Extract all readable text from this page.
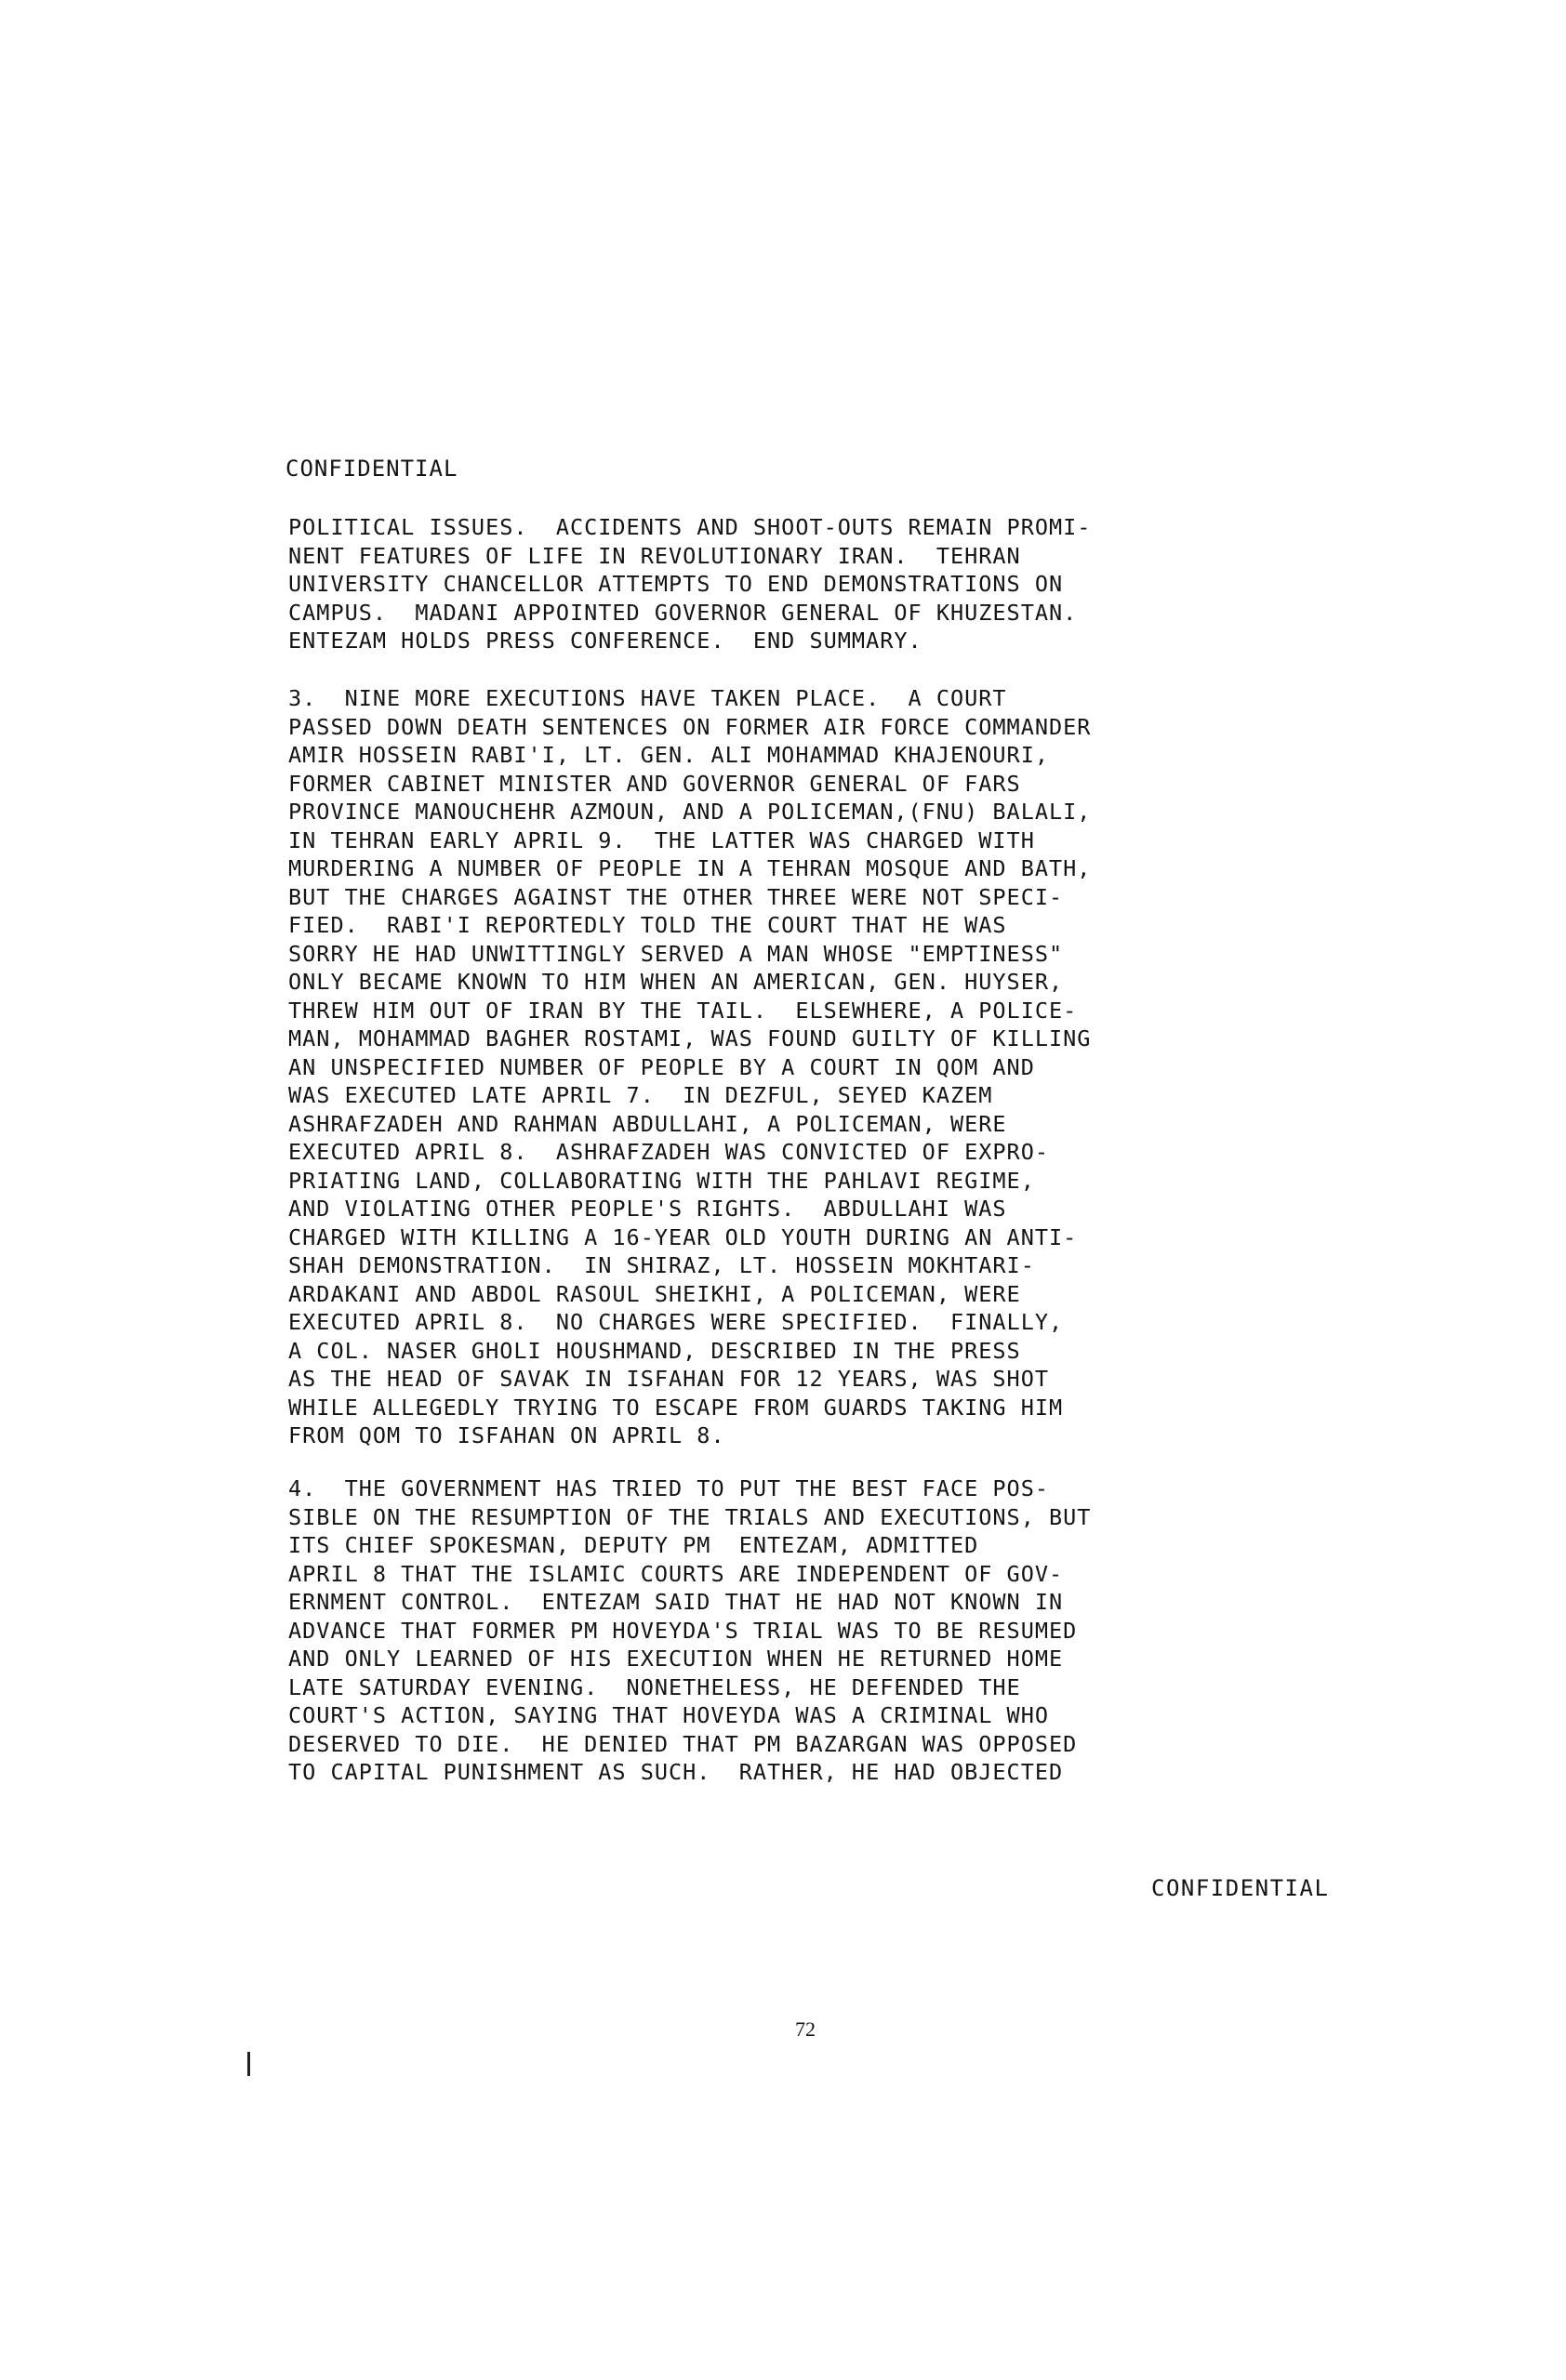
CONFIDENTIAL
POLITICAL ISSUES.  ACCIDENTS AND SHOOT-OUTS REMAIN PROMI-
NENT FEATURES OF LIFE IN REVOLUTIONARY IRAN.  TEHRAN
UNIVERSITY CHANCELLOR ATTEMPTS TO END DEMONSTRATIONS ON
CAMPUS.  MADANI APPOINTED GOVERNOR GENERAL OF KHUZESTAN.
ENTEZAM HOLDS PRESS CONFERENCE.  END SUMMARY.
3.  NINE MORE EXECUTIONS HAVE TAKEN PLACE.  A COURT
PASSED DOWN DEATH SENTENCES ON FORMER AIR FORCE COMMANDER
AMIR HOSSEIN RABI'I, LT. GEN. ALI MOHAMMAD KHAJENOURI,
FORMER CABINET MINISTER AND GOVERNOR GENERAL OF FARS
PROVINCE MANOUCHEHR AZMOUN, AND A POLICEMAN,(FNU) BALALI,
IN TEHRAN EARLY APRIL 9.  THE LATTER WAS CHARGED WITH
MURDERING A NUMBER OF PEOPLE IN A TEHRAN MOSQUE AND BATH,
BUT THE CHARGES AGAINST THE OTHER THREE WERE NOT SPECI-
FIED.  RABI'I REPORTEDLY TOLD THE COURT THAT HE WAS
SORRY HE HAD UNWITTINGLY SERVED A MAN WHOSE "EMPTINESS"
ONLY BECAME KNOWN TO HIM WHEN AN AMERICAN, GEN. HUYSER,
THREW HIM OUT OF IRAN BY THE TAIL.  ELSEWHERE, A POLICE-
MAN, MOHAMMAD BAGHER ROSTAMI, WAS FOUND GUILTY OF KILLING
AN UNSPECIFIED NUMBER OF PEOPLE BY A COURT IN QOM AND
WAS EXECUTED LATE APRIL 7.  IN DEZFUL, SEYED KAZEM
ASHRAFZADEH AND RAHMAN ABDULLAHI, A POLICEMAN, WERE
EXECUTED APRIL 8.  ASHRAFZADEH WAS CONVICTED OF EXPRO-
PRIATING LAND, COLLABORATING WITH THE PAHLAVI REGIME,
AND VIOLATING OTHER PEOPLE'S RIGHTS.  ABDULLAHI WAS
CHARGED WITH KILLING A 16-YEAR OLD YOUTH DURING AN ANTI-
SHAH DEMONSTRATION.  IN SHIRAZ, LT. HOSSEIN MOKHTARI-
ARDAKANI AND ABDOL RASOUL SHEIKHI, A POLICEMAN, WERE
EXECUTED APRIL 8.  NO CHARGES WERE SPECIFIED.  FINALLY,
A COL. NASER GHOLI HOUSHMAND, DESCRIBED IN THE PRESS
AS THE HEAD OF SAVAK IN ISFAHAN FOR 12 YEARS, WAS SHOT
WHILE ALLEGEDLY TRYING TO ESCAPE FROM GUARDS TAKING HIM
FROM QOM TO ISFAHAN ON APRIL 8.
4.  THE GOVERNMENT HAS TRIED TO PUT THE BEST FACE POS-
SIBLE ON THE RESUMPTION OF THE TRIALS AND EXECUTIONS, BUT
ITS CHIEF SPOKESMAN, DEPUTY PM  ENTEZAM, ADMITTED
APRIL 8 THAT THE ISLAMIC COURTS ARE INDEPENDENT OF GOV-
ERNMENT CONTROL.  ENTEZAM SAID THAT HE HAD NOT KNOWN IN
ADVANCE THAT FORMER PM HOVEYDA'S TRIAL WAS TO BE RESUMED
AND ONLY LEARNED OF HIS EXECUTION WHEN HE RETURNED HOME
LATE SATURDAY EVENING.  NONETHELESS, HE DEFENDED THE
COURT'S ACTION, SAYING THAT HOVEYDA WAS A CRIMINAL WHO
DESERVED TO DIE.  HE DENIED THAT PM BAZARGAN WAS OPPOSED
TO CAPITAL PUNISHMENT AS SUCH.  RATHER, HE HAD OBJECTED
CONFIDENTIAL
72
